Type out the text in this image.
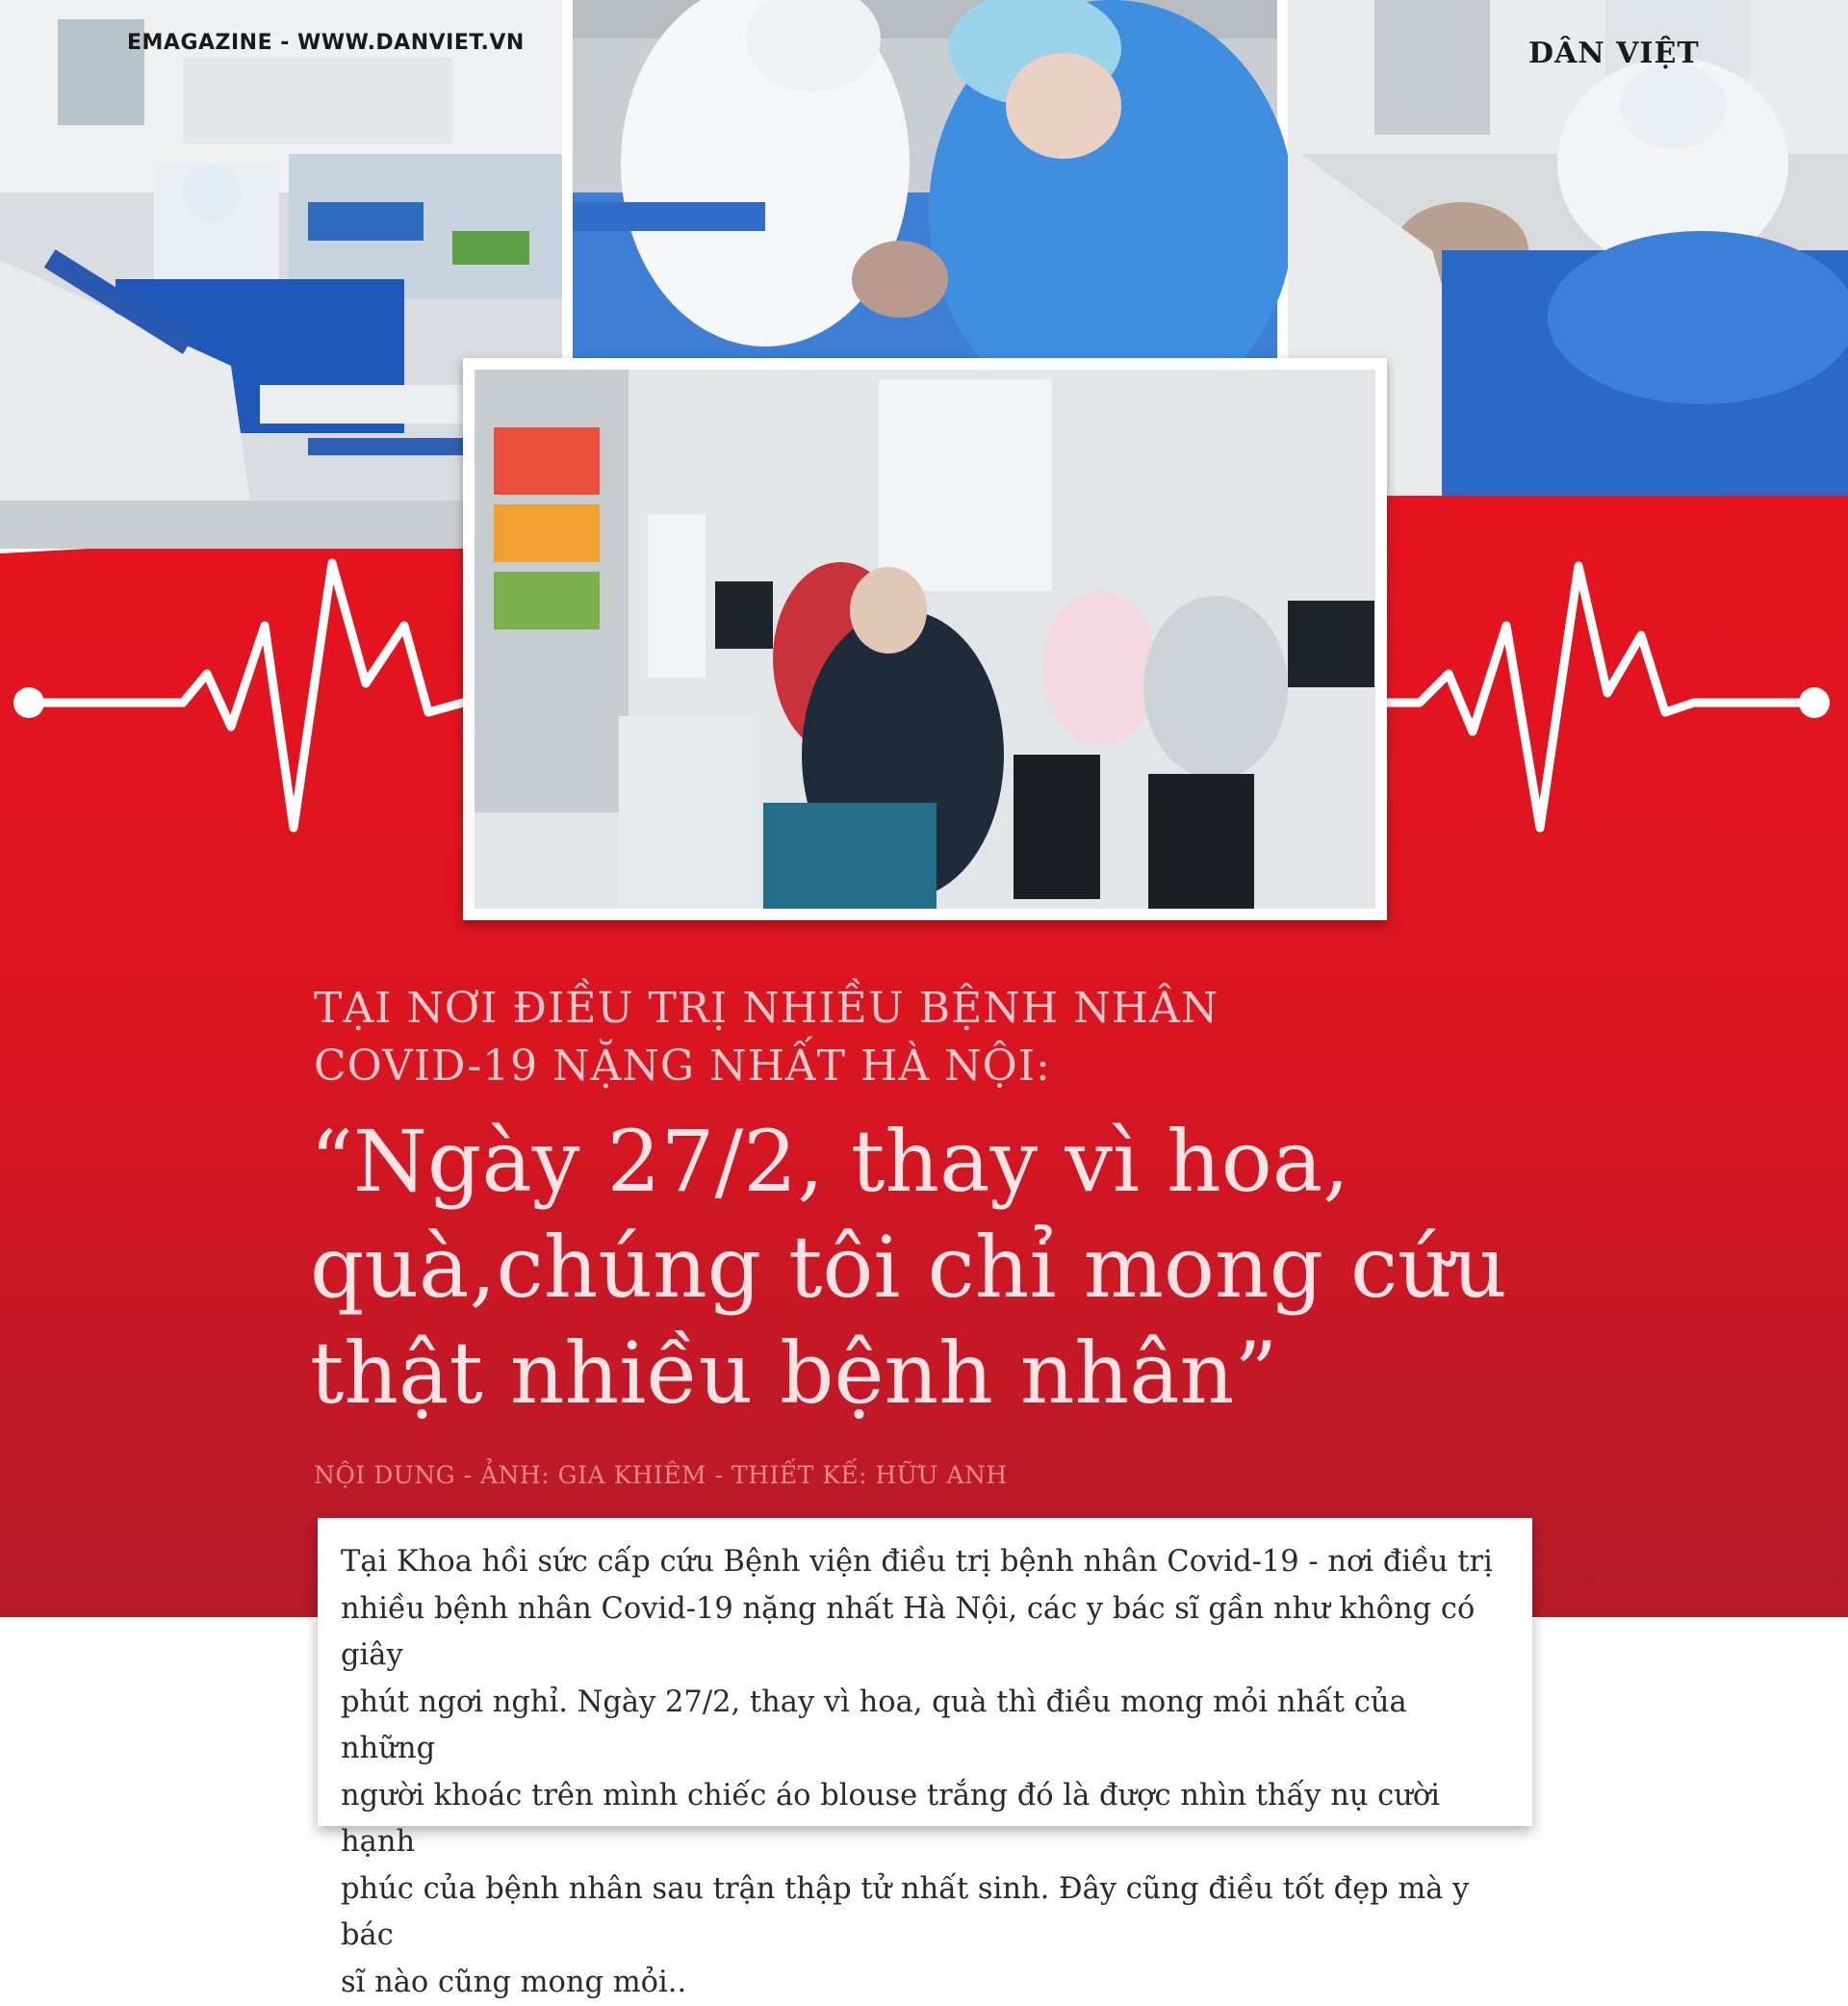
EMAGAZINE - WWW.DANVIET.VN	DÂN VIỆT
TẠI NƠI ĐIỀU TRỊ NHIỀU BỆNH NHÂN
COVID-19 NẶNG NHẤT HÀ NỘI:
“Ngày 27/2, thay vì hoa,
quà,chúng tôi chỉ mong cứu
thật nhiều bệnh nhân”
NỘI DUNG - ẢNH: GIA KHIÊM - THIẾT KẾ: HỮU ANH
Tại Khoa hồi sức cấp cứu Bệnh viện điều trị bệnh nhân Covid-19 - nơi điều trị
nhiều bệnh nhân Covid-19 nặng nhất Hà Nội, các y bác sĩ gần như không có giây
phút ngơi nghỉ. Ngày 27/2, thay vì hoa, quà thì điều mong mỏi nhất của những
người khoác trên mình chiếc áo blouse trắng đó là được nhìn thấy nụ cười hạnh
phúc của bệnh nhân sau trận thập tử nhất sinh. Đây cũng điều tốt đẹp mà y bác
sĩ nào cũng mong mỏi..
